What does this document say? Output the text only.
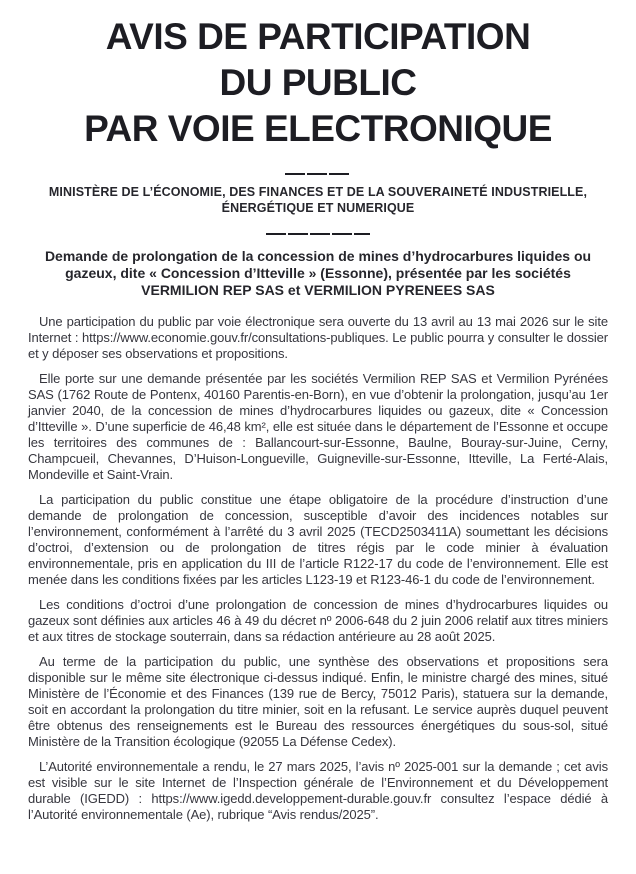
AVIS DE PARTICIPATION
DU PUBLIC
PAR VOIE ELECTRONIQUE
MINISTÈRE DE L’ÉCONOMIE, DES FINANCES ET DE LA SOUVERAINETÉ INDUSTRIELLE,
ÉNERGÉTIQUE ET NUMERIQUE
Demande de prolongation de la concession de mines d’hydrocarbures liquides ou gazeux, dite « Concession d’Itteville » (Essonne), présentée par les sociétés VERMILION REP SAS et VERMILION PYRENEES SAS

Une participation du public par voie électronique sera ouverte du 13 avril au 13 mai 2026 sur le site Internet : https://www.economie.gouv.fr/consultations-publiques. Le public pourra y consulter le dossier et y déposer ses observations et propositions.

Elle porte sur une demande présentée par les sociétés Vermilion REP SAS et Vermilion Pyrénées SAS (1762 Route de Pontenx, 40160 Parentis-en-Born), en vue d’obtenir la prolongation, jusqu’au 1er janvier 2040, de la concession de mines d’hydrocarbures liquides ou gazeux, dite « Concession d’Itteville ». D’une superficie de 46,48 km², elle est située dans le département de l’Essonne et occupe les territoires des communes de : Ballancourt-sur-Essonne, Baulne, Bouray-sur-Juine, Cerny, Champcueil, Chevannes, D’Huison-Longueville, Guigneville-sur-Essonne, Itteville, La Ferté-Alais, Mondeville et Saint-Vrain.

La participation du public constitue une étape obligatoire de la procédure d’instruction d’une demande de prolongation de concession, susceptible d’avoir des incidences notables sur l’environnement, conformément à l’arrêté du 3 avril 2025 (TECD2503411A) soumettant les décisions d’octroi, d’extension ou de prolongation de titres régis par le code minier à évaluation environnementale, pris en application du III de l’article R122-17 du code de l’environnement. Elle est menée dans les conditions fixées par les articles L123-19 et R123-46-1 du code de l’environnement.

Les conditions d’octroi d’une prolongation de concession de mines d’hydrocarbures liquides ou gazeux sont définies aux articles 46 à 49 du décret nº 2006-648 du 2 juin 2006 relatif aux titres miniers et aux titres de stockage souterrain, dans sa rédaction antérieure au 28 août 2025.

Au terme de la participation du public, une synthèse des observations et propositions sera disponible sur le même site électronique ci-dessus indiqué. Enfin, le ministre chargé des mines, situé Ministère de l’Économie et des Finances (139 rue de Bercy, 75012 Paris), statuera sur la demande, soit en accordant la prolongation du titre minier, soit en la refusant. Le service auprès duquel peuvent être obtenus des renseignements est le Bureau des ressources énergétiques du sous-sol, situé Ministère de la Transition écologique (92055 La Défense Cedex).

L’Autorité environnementale a rendu, le 27 mars 2025, l’avis nº 2025-001 sur la demande ; cet avis est visible sur le site Internet de l’Inspection générale de l’Environnement et du Développement durable (IGEDD) : https://www.igedd.developpement-durable.gouv.fr consultez l’espace dédié à l’Autorité environnementale (Ae), rubrique “Avis rendus/2025”.
